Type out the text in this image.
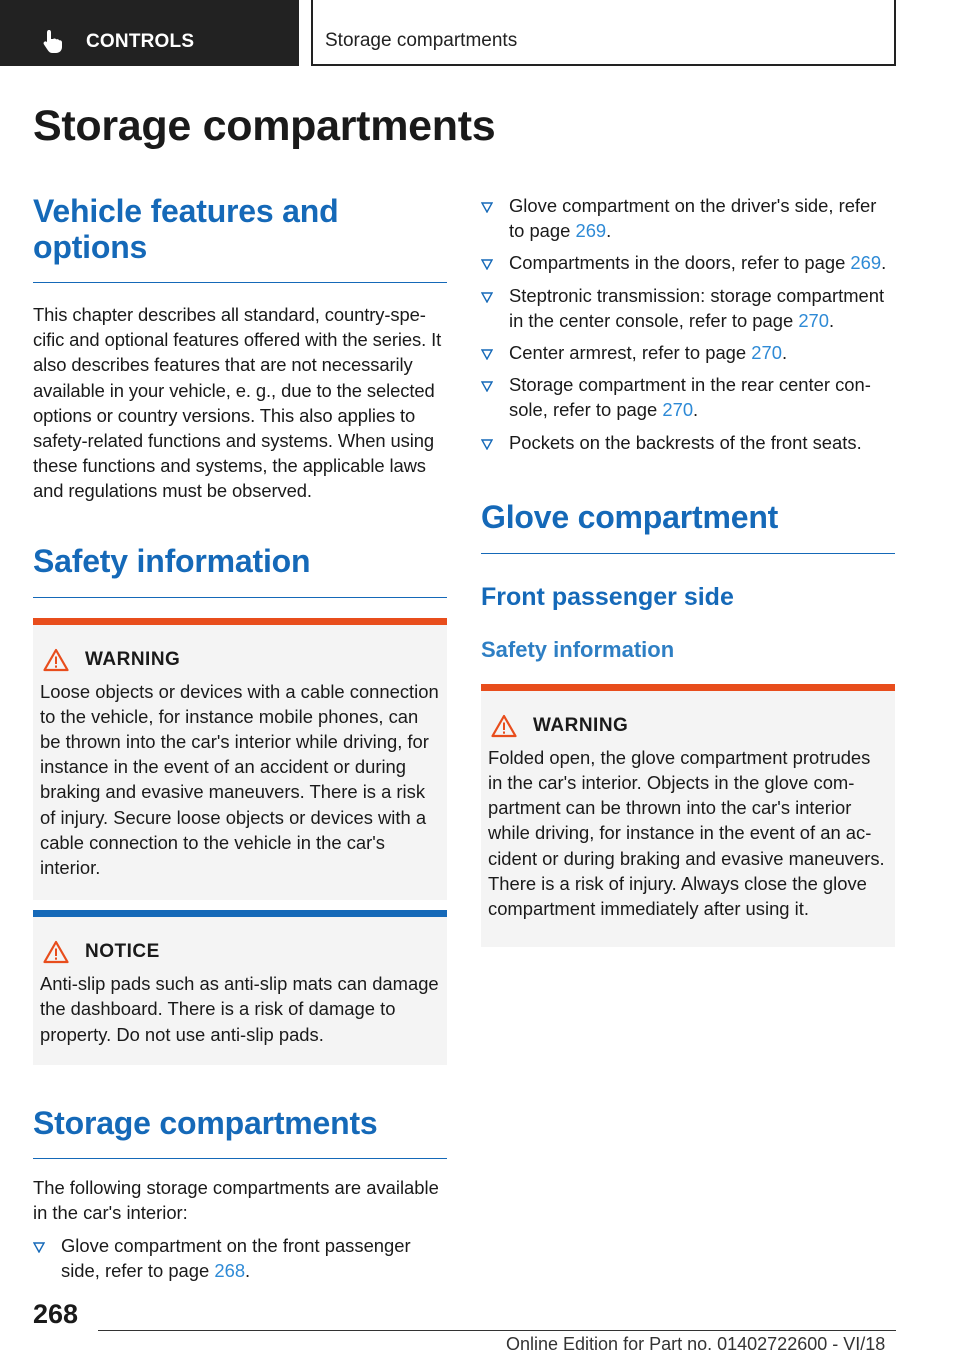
CONTROLS	Storage compartments
Storage compartments
Vehicle features and options

This chapter describes all standard, country-specific and optional features offered with the series. It also describes features that are not necessarily available in your vehicle, e. g., due to the selected options or country versions. This also applies to safety-related functions and systems. When using these functions and systems, the applicable laws and regulations must be observed.

Safety information
WARNING

Loose objects or devices with a cable connection to the vehicle, for instance mobile phones, can be thrown into the car's interior while driving, for instance in the event of an accident or during braking and evasive maneuvers. There is a risk of injury. Secure loose objects or devices with a cable connection to the vehicle in the car's interior.

NOTICE

Anti-slip pads such as anti-slip mats can damage the dashboard. There is a risk of damage to property. Do not use anti-slip pads.

Storage compartments

The following storage compartments are available in the car's interior:

Glove compartment on the front passenger side, refer to page 268.
Glove compartment on the driver's side, refer to page 269.
Compartments in the doors, refer to page 269.
Steptronic transmission: storage compartment in the center console, refer to page 270.
Center armrest, refer to page 270.
Storage compartment in the rear center console, refer to page 270.
Pockets on the backrests of the front seats.
Glove compartment
Front passenger side
Safety information
WARNING

Folded open, the glove compartment protrudes in the car's interior. Objects in the glove compartment can be thrown into the car's interior while driving, for instance in the event of an accident or during braking and evasive maneuvers. There is a risk of injury. Always close the glove compartment immediately after using it.

268
Online Edition for Part no. 01402722600 - VI/18
